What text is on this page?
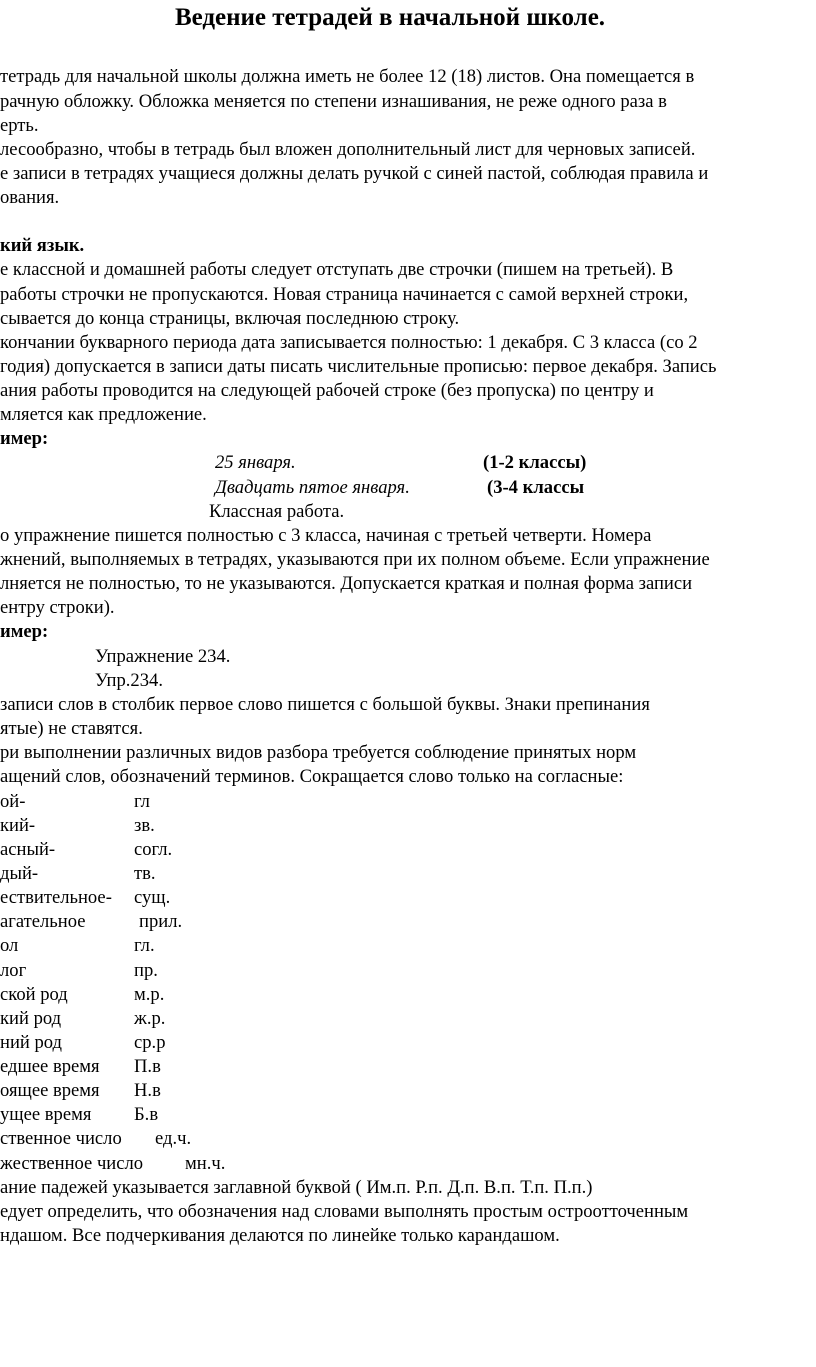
Ведение тетрадей в начальной школе.
тетрадь для начальной школы должна иметь не более 12 (18) листов. Она помещается в
рачную обложку. Обложка меняется по степени изнашивания, не реже одного раза в
ерть.
лесообразно, чтобы в тетрадь был вложен дополнительный лист для черновых записей.
е записи в тетрадях учащиеся должны делать ручкой с синей пастой, соблюдая правила и
ования.
кий язык.
е классной и домашней работы следует отступать две строчки (пишем на третьей). В
работы строчки не пропускаются. Новая страница начинается с самой верхней строки,
сывается до конца страницы, включая последнюю строку.
кончании букварного периода дата записывается полностью: 1 декабря. С 3 класса (со 2
годия) допускается в записи даты писать числительные прописью: первое декабря. Запись
ания работы проводится на следующей рабочей строке (без пропуска) по центру и
мляется как предложение.
имер:
25 января.	(1-2 классы)
Двадцать пятое января.	(3-4 классы
Классная работа.
о упражнение пишется полностью с 3 класса, начиная с третьей четверти. Номера
жнений, выполняемых в тетрадях, указываются при их полном объеме. Если упражнение
лняется не полностью, то не указываются. Допускается краткая и полная форма записи
ентру строки).
имер:
Упражнение 234.
Упр.234.
записи слов в столбик первое слово пишется с большой буквы. Знаки препинания
ятые) не ставятся.
ри выполнении различных видов разбора требуется соблюдение принятых норм
ащений слов, обозначений терминов. Сокращается слово только на согласные:
ой-	гл
кий-	зв.
асный-	согл.
дый-	тв.
ествительное- сущ.
агательное	прил.
ол	гл.
лог	пр.
ской род	м.р.
кий род	ж.р.
ний род	ср.р
едшее время П.в
оящее время Н.в
ущее время Б.в
ственное число ед.ч.
жественное число мн.ч.
ание падежей указывается заглавной буквой ( Им.п. Р.п. Д.п. В.п. Т.п. П.п.)
едует определить, что обозначения над словами выполнять простым остроотточенным
ндашом. Все подчеркивания делаются по линейке только карандашом.
